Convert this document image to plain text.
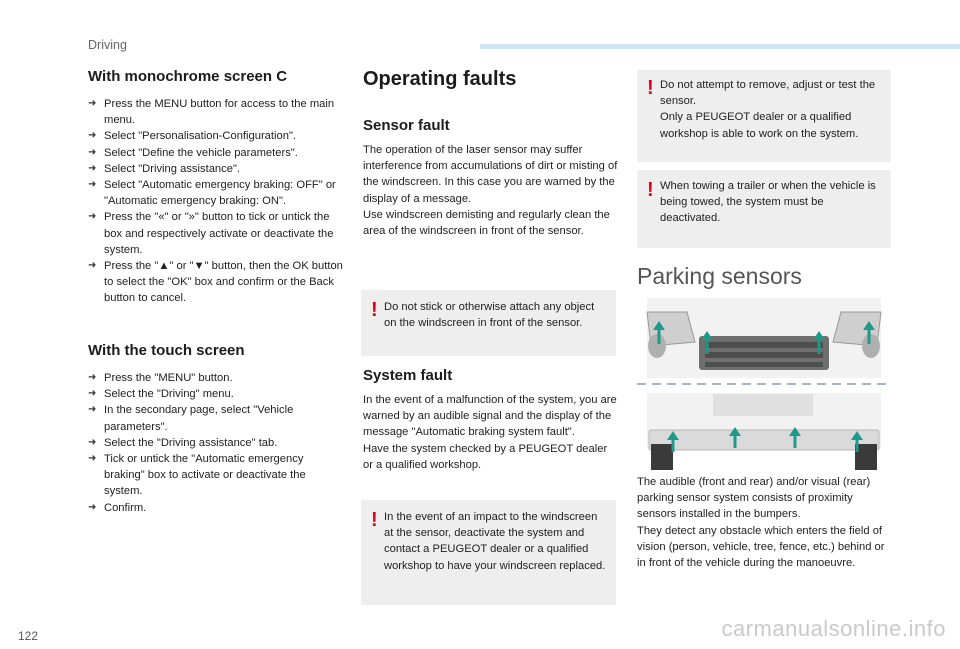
Driving
With monochrome screen C
➜ Press the MENU button for access to the main menu.
➜ Select "Personalisation-Configuration".
➜ Select "Define the vehicle parameters".
➜ Select "Driving assistance".
➜ Select "Automatic emergency braking: OFF" or "Automatic emergency braking: ON".
➜ Press the "«" or "»" button to tick or untick the box and respectively activate or deactivate the system.
➜ Press the "▲" or "▼" button, then the OK button to select the "OK" box and confirm or the Back button to cancel.
With the touch screen
➜ Press the "MENU" button.
➜ Select the "Driving" menu.
➜ In the secondary page, select "Vehicle parameters".
➜ Select the "Driving assistance" tab.
➜ Tick or untick the "Automatic emergency braking" box to activate or deactivate the system.
➜ Confirm.
Operating faults
Sensor fault

The operation of the laser sensor may suffer interference from accumulations of dirt or misting of the windscreen. In this case you are warned by the display of a message.
Use windscreen demisting and regularly clean the area of the windscreen in front of the sensor.

! Do not stick or otherwise attach any object on the windscreen in front of the sensor.

System fault

In the event of a malfunction of the system, you are warned by an audible signal and the display of the message "Automatic braking system fault".
Have the system checked by a PEUGEOT dealer or a qualified workshop.

! In the event of an impact to the windscreen at the sensor, deactivate the system and contact a PEUGEOT dealer or a qualified workshop to have your windscreen replaced.

! Do not attempt to remove, adjust or test the sensor.
Only a PEUGEOT dealer or a qualified workshop is able to work on the system.

! When towing a trailer or when the vehicle is being towed, the system must be deactivated.

Parking sensors

The audible (front and rear) and/or visual (rear) parking sensor system consists of proximity sensors installed in the bumpers.
They detect any obstacle which enters the field of vision (person, vehicle, tree, fence, etc.) behind or in front of the vehicle during the manoeuvre.

122	carmanualsonline.info
